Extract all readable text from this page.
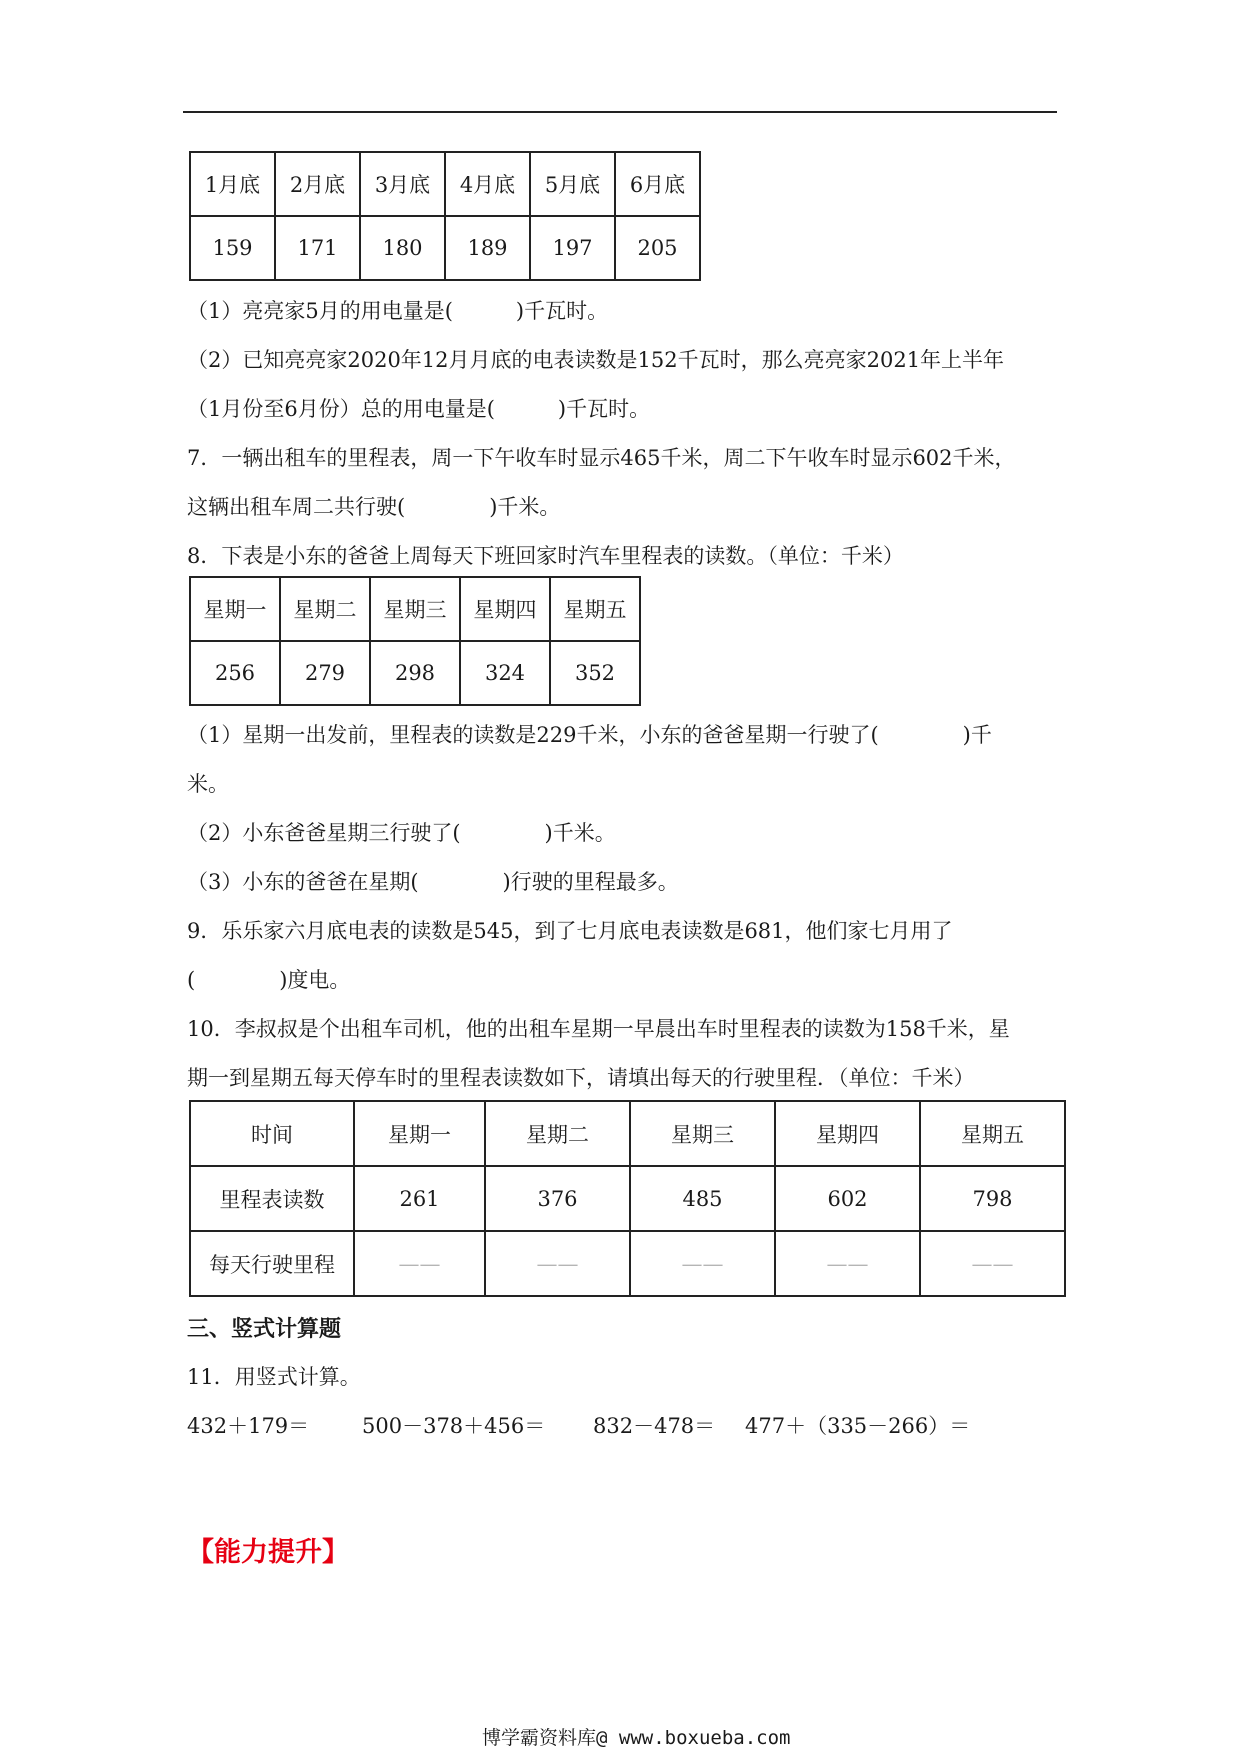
1月底	2月底	3月底	4月底	5月底	6月底
159	171	180	189	197	205
（1）亮亮家5月的用电量是(　　　)千瓦时。
（2）已知亮亮家2020年12月月底的电表读数是152千瓦时，那么亮亮家2021年上半年
（1月份至6月份）总的用电量是(　　　)千瓦时。
7．一辆出租车的里程表，周一下午收车时显示465千米，周二下午收车时显示602千米，
这辆出租车周二共行驶(　　　　)千米。
8．下表是小东的爸爸上周每天下班回家时汽车里程表的读数。（单位：千米）
星期一	星期二	星期三	星期四	星期五
256	279	298	324	352
（1）星期一出发前，里程表的读数是229千米，小东的爸爸星期一行驶了(　　　　)千
米。
（2）小东爸爸星期三行驶了(　　　　)千米。
（3）小东的爸爸在星期(　　　　)行驶的里程最多。
9．乐乐家六月底电表的读数是545，到了七月底电表读数是681，他们家七月用了
(　　　　)度电。
10．李叔叔是个出租车司机，他的出租车星期一早晨出车时里程表的读数为158千米，星
期一到星期五每天停车时的里程表读数如下，请填出每天的行驶里程．（单位：千米）
时间	星期一	星期二	星期三	星期四	星期五
里程表读数	261	376	485	602	798
每天行驶里程	——	——	——	——	——
三、竖式计算题
11．用竖式计算。
432＋179＝	500－378＋456＝ 832－478＝ 477＋（335－266）＝
【能力提升】
博学霸资料库@ www.boxueba.com
